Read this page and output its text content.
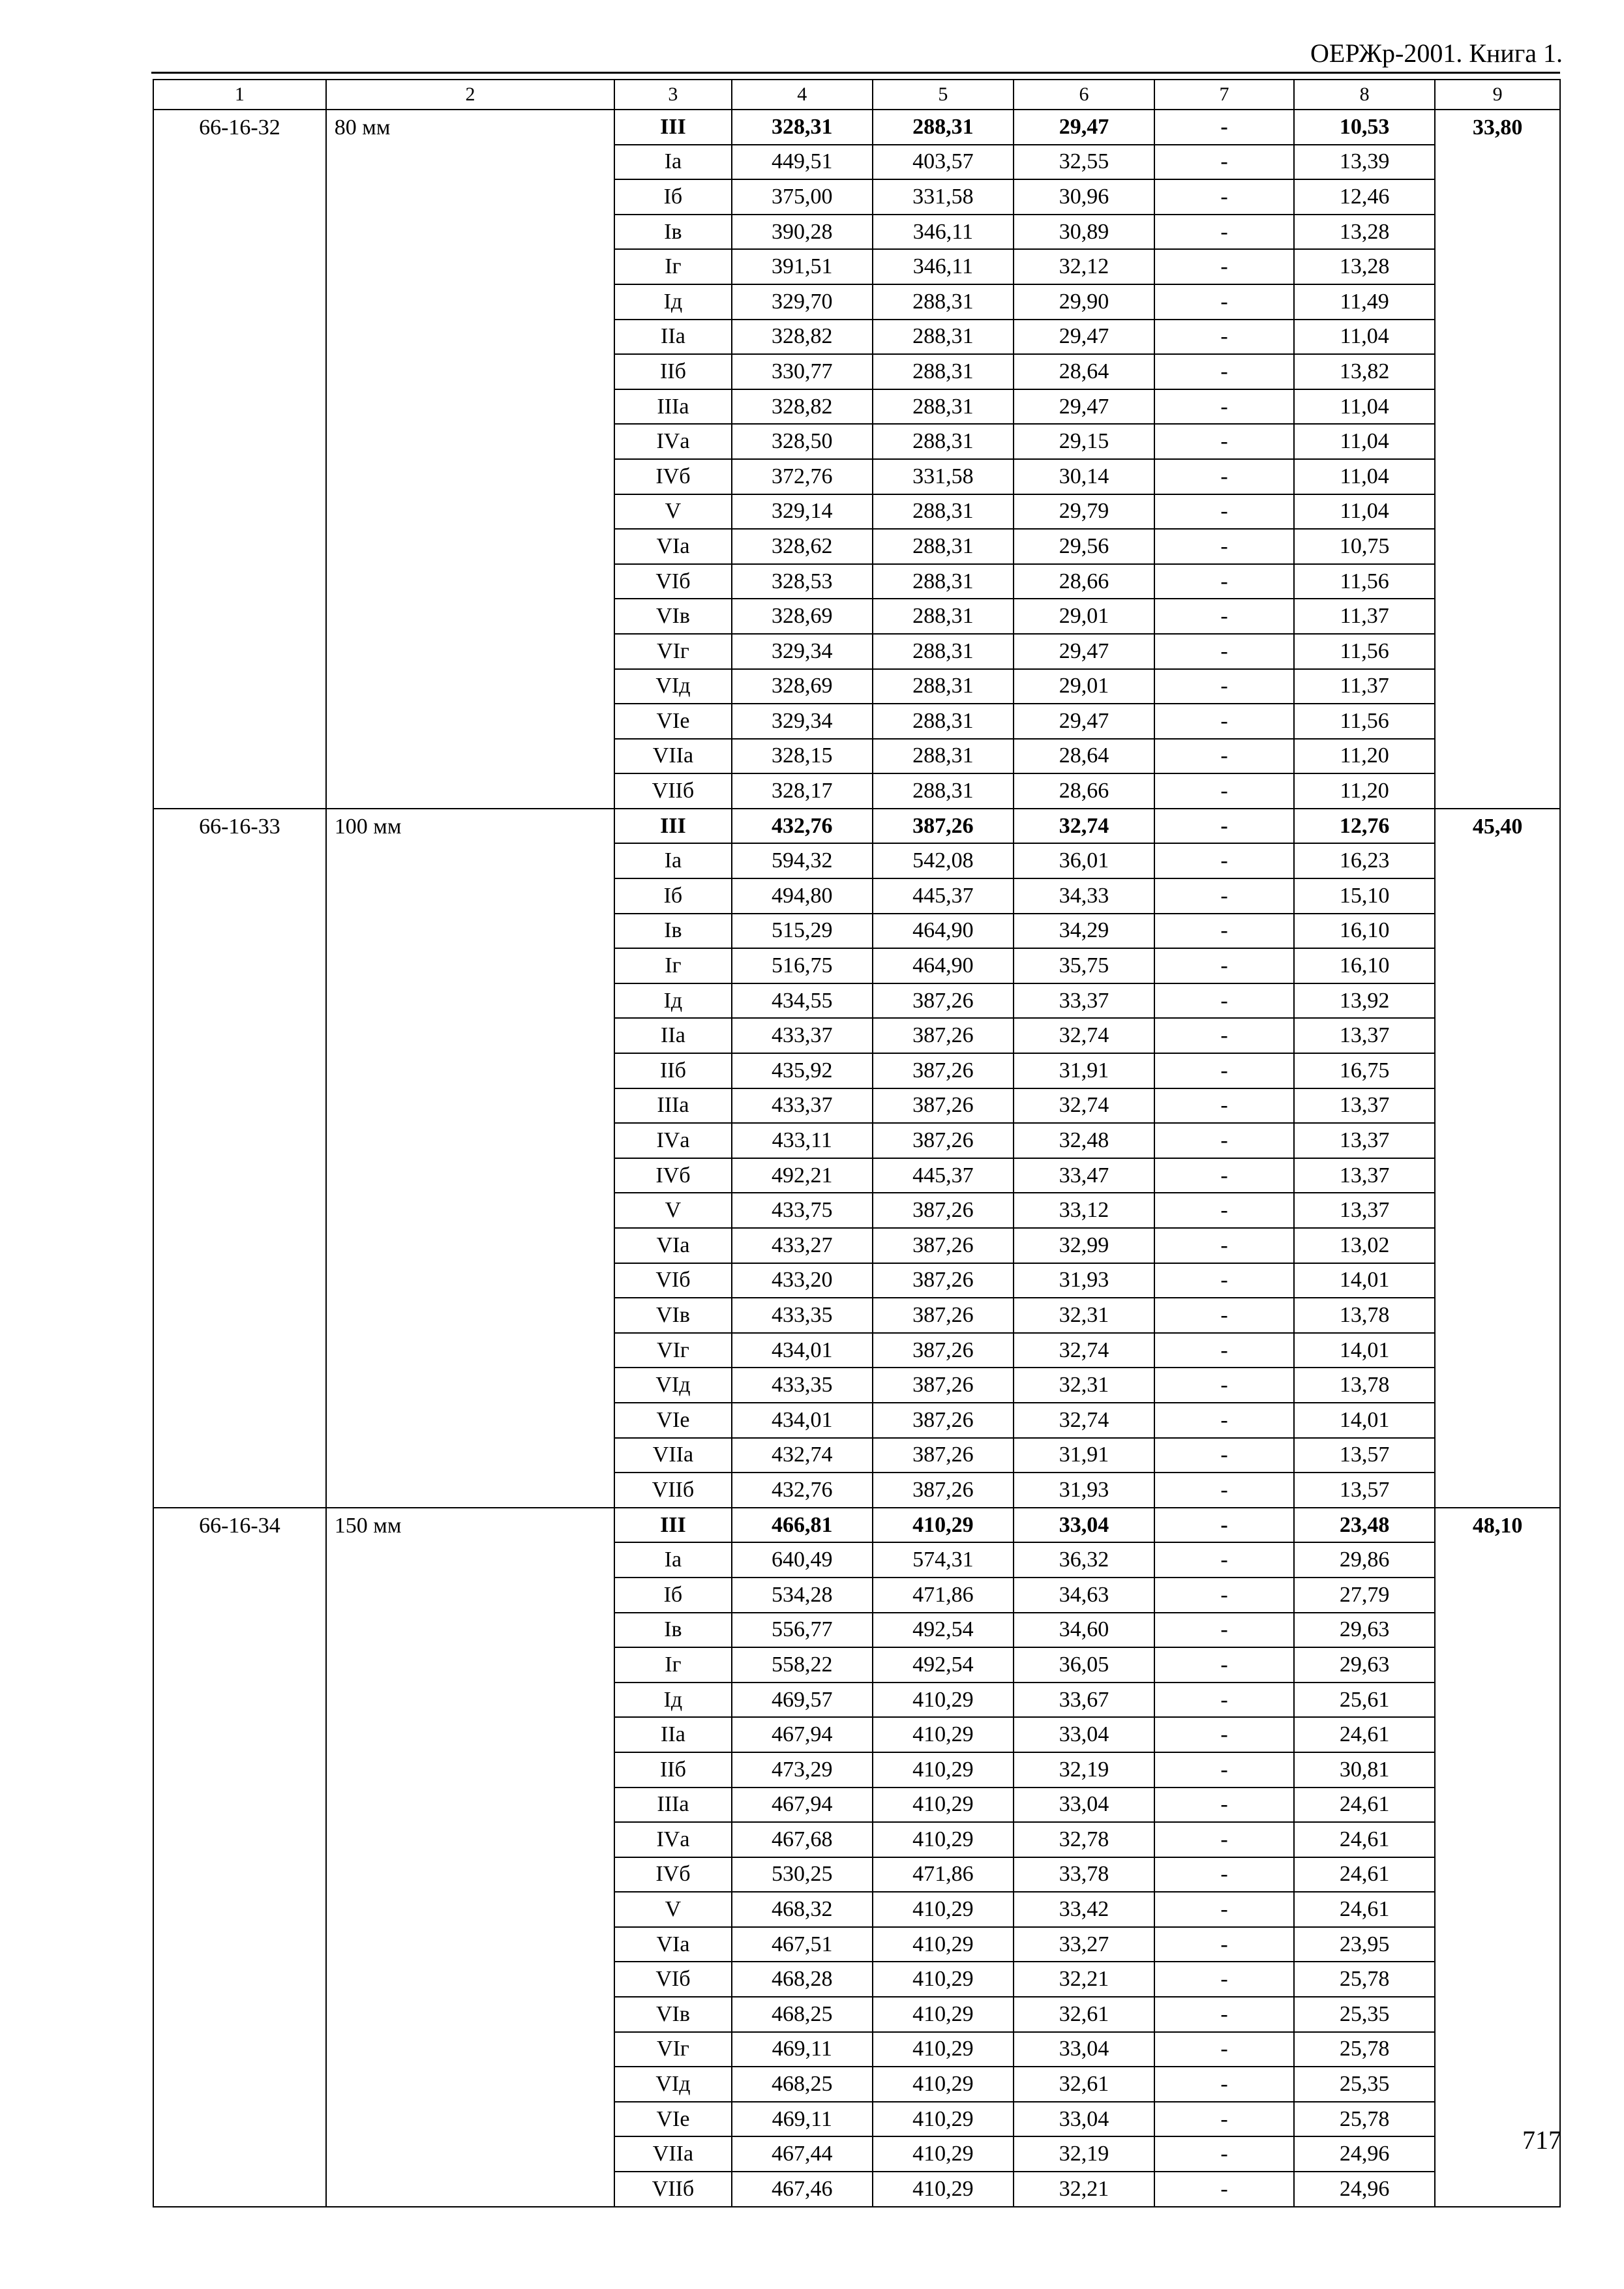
ОЕРЖр-2001. Книга 1.
1	2	3	4	5	6	7	8	9
66-16-32	80 мм	III	328,31	288,31	29,47	-	10,53	33,80
		Iа	449,51	403,57	32,55	-	13,39	
		Iб	375,00	331,58	30,96	-	12,46	
		Iв	390,28	346,11	30,89	-	13,28	
		Iг	391,51	346,11	32,12	-	13,28	
		Iд	329,70	288,31	29,90	-	11,49	
		IIа	328,82	288,31	29,47	-	11,04	
		IIб	330,77	288,31	28,64	-	13,82	
		IIIа	328,82	288,31	29,47	-	11,04	
		IVа	328,50	288,31	29,15	-	11,04	
		IVб	372,76	331,58	30,14	-	11,04	
		V	329,14	288,31	29,79	-	11,04	
		VIа	328,62	288,31	29,56	-	10,75	
		VIб	328,53	288,31	28,66	-	11,56	
		VIв	328,69	288,31	29,01	-	11,37	
		VIг	329,34	288,31	29,47	-	11,56	
		VIд	328,69	288,31	29,01	-	11,37	
		VIе	329,34	288,31	29,47	-	11,56	
		VIIа	328,15	288,31	28,64	-	11,20	
		VIIб	328,17	288,31	28,66	-	11,20	
66-16-33	100 мм	III	432,76	387,26	32,74	-	12,76	45,40
		Iа	594,32	542,08	36,01	-	16,23	
		Iб	494,80	445,37	34,33	-	15,10	
		Iв	515,29	464,90	34,29	-	16,10	
		Iг	516,75	464,90	35,75	-	16,10	
		Iд	434,55	387,26	33,37	-	13,92	
		IIа	433,37	387,26	32,74	-	13,37	
		IIб	435,92	387,26	31,91	-	16,75	
		IIIа	433,37	387,26	32,74	-	13,37	
		IVа	433,11	387,26	32,48	-	13,37	
		IVб	492,21	445,37	33,47	-	13,37	
		V	433,75	387,26	33,12	-	13,37	
		VIа	433,27	387,26	32,99	-	13,02	
		VIб	433,20	387,26	31,93	-	14,01	
		VIв	433,35	387,26	32,31	-	13,78	
		VIг	434,01	387,26	32,74	-	14,01	
		VIд	433,35	387,26	32,31	-	13,78	
		VIе	434,01	387,26	32,74	-	14,01	
		VIIа	432,74	387,26	31,91	-	13,57	
		VIIб	432,76	387,26	31,93	-	13,57	
66-16-34	150 мм	III	466,81	410,29	33,04	-	23,48	48,10
		Iа	640,49	574,31	36,32	-	29,86	
		Iб	534,28	471,86	34,63	-	27,79	
		Iв	556,77	492,54	34,60	-	29,63	
		Iг	558,22	492,54	36,05	-	29,63	
		Iд	469,57	410,29	33,67	-	25,61	
		IIа	467,94	410,29	33,04	-	24,61	
		IIб	473,29	410,29	32,19	-	30,81	
		IIIа	467,94	410,29	33,04	-	24,61	
		IVа	467,68	410,29	32,78	-	24,61	
		IVб	530,25	471,86	33,78	-	24,61	
		V	468,32	410,29	33,42	-	24,61	
		VIа	467,51	410,29	33,27	-	23,95	
		VIб	468,28	410,29	32,21	-	25,78	
		VIв	468,25	410,29	32,61	-	25,35	
		VIг	469,11	410,29	33,04	-	25,78	
		VIд	468,25	410,29	32,61	-	25,35	
		VIе	469,11	410,29	33,04	-	25,78	
		VIIа	467,44	410,29	32,19	-	24,96	
		VIIб	467,46	410,29	32,21	-	24,96	
717
